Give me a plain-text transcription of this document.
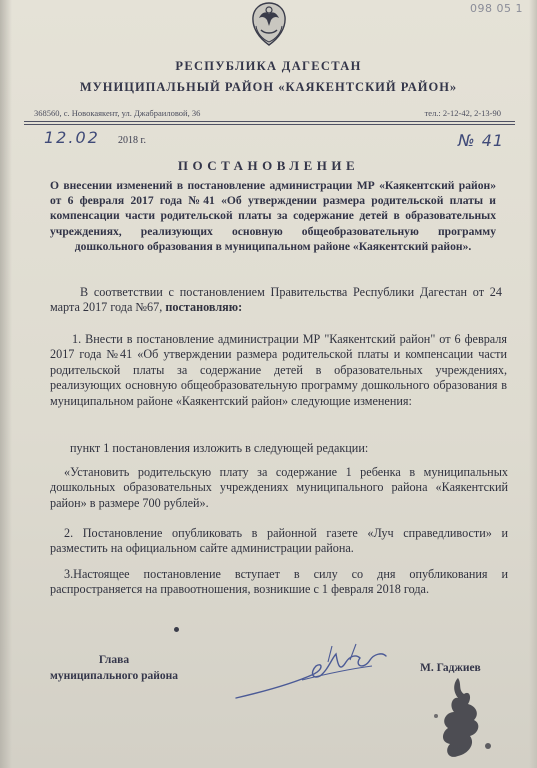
098 05 1
РЕСПУБЛИКА ДАГЕСТАН
МУНИЦИПАЛЬНЫЙ РАЙОН «КАЯКЕНТСКИЙ РАЙОН»
368560, с. Новокаякент, ул. Джабраиловой, 36	тел.: 2-12-42, 2-13-90
12.02 2018 г.	№ 41
ПОСТАНОВЛЕНИЕ
О внесении изменений в постановление администрации МР «Каякентский район» от 6 февраля 2017 года №41 «Об утверждении размера родительской платы и компенсации части родительской платы за содержание детей в образовательных учреждениях, реализующих основную общеобразовательную программу дошкольного образования в муниципальном районе «Каякентский район».
В соответствии с постановлением Правительства Республики Дагестан от 24 марта 2017 года №67, постановляю:
1. Внести в постановление администрации МР "Каякентский район" от 6 февраля 2017 года №41 «Об утверждении размера родительской платы и компенсации части родительской платы за содержание детей в образовательных учреждениях, реализующих основную общеобразовательную программу дошкольного образования в муниципальном районе «Каякентский район» следующие изменения:
пункт 1 постановления изложить в следующей редакции:
«Установить родительскую плату за содержание 1 ребенка в муниципальных дошкольных образовательных учреждениях муниципального района «Каякентский район» в размере 700 рублей».
2. Постановление опубликовать в районной газете «Луч справедливости» и разместить на официальном сайте администрации района.
3.Настоящее постановление вступает в силу со дня опубликования и распространяется на правоотношения, возникшие с 1 февраля 2018 года.
Глава
муниципального района
М. Гаджиев
